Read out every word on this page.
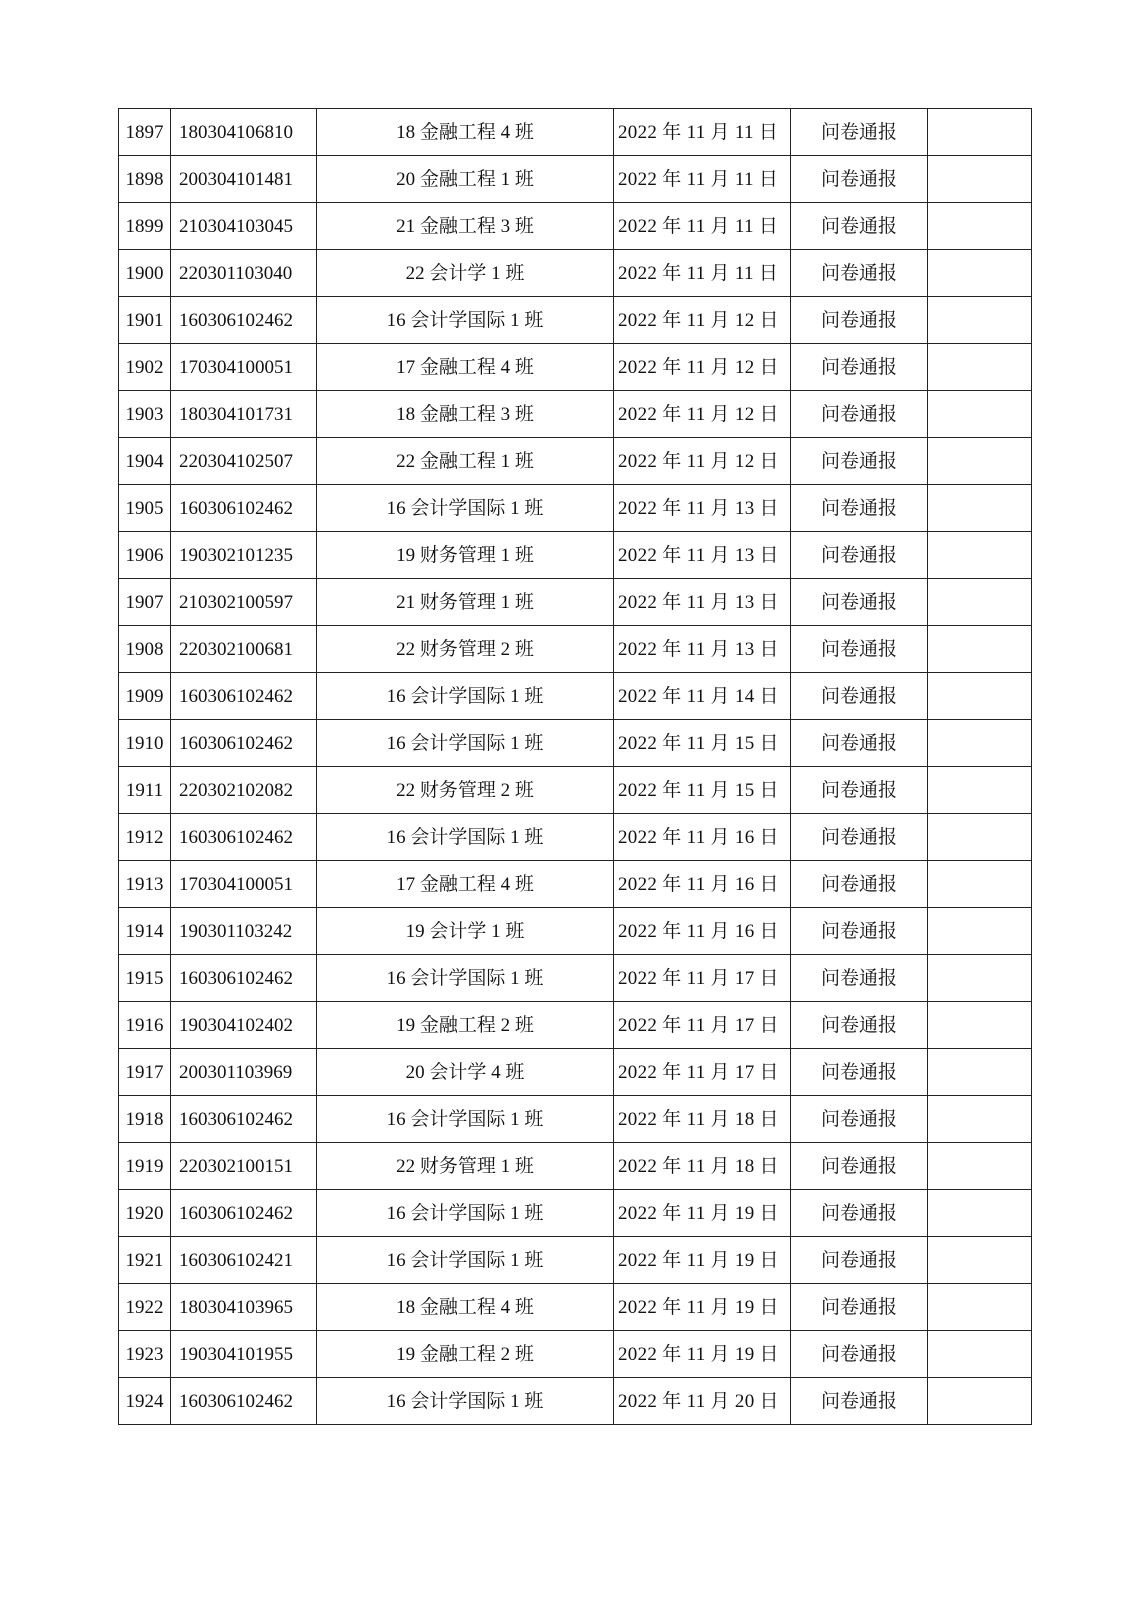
1897	180304106810	18 金融工程 4 班	2022 年 11 月 11 日	问卷通报	
1898	200304101481	20 金融工程 1 班	2022 年 11 月 11 日	问卷通报	
1899	210304103045	21 金融工程 3 班	2022 年 11 月 11 日	问卷通报	
1900	220301103040	22 会计学 1 班	2022 年 11 月 11 日	问卷通报	
1901	160306102462	16 会计学国际 1 班	2022 年 11 月 12 日	问卷通报	
1902	170304100051	17 金融工程 4 班	2022 年 11 月 12 日	问卷通报	
1903	180304101731	18 金融工程 3 班	2022 年 11 月 12 日	问卷通报	
1904	220304102507	22 金融工程 1 班	2022 年 11 月 12 日	问卷通报	
1905	160306102462	16 会计学国际 1 班	2022 年 11 月 13 日	问卷通报	
1906	190302101235	19 财务管理 1 班	2022 年 11 月 13 日	问卷通报	
1907	210302100597	21 财务管理 1 班	2022 年 11 月 13 日	问卷通报	
1908	220302100681	22 财务管理 2 班	2022 年 11 月 13 日	问卷通报	
1909	160306102462	16 会计学国际 1 班	2022 年 11 月 14 日	问卷通报	
1910	160306102462	16 会计学国际 1 班	2022 年 11 月 15 日	问卷通报	
1911	220302102082	22 财务管理 2 班	2022 年 11 月 15 日	问卷通报	
1912	160306102462	16 会计学国际 1 班	2022 年 11 月 16 日	问卷通报	
1913	170304100051	17 金融工程 4 班	2022 年 11 月 16 日	问卷通报	
1914	190301103242	19 会计学 1 班	2022 年 11 月 16 日	问卷通报	
1915	160306102462	16 会计学国际 1 班	2022 年 11 月 17 日	问卷通报	
1916	190304102402	19 金融工程 2 班	2022 年 11 月 17 日	问卷通报	
1917	200301103969	20 会计学 4 班	2022 年 11 月 17 日	问卷通报	
1918	160306102462	16 会计学国际 1 班	2022 年 11 月 18 日	问卷通报	
1919	220302100151	22 财务管理 1 班	2022 年 11 月 18 日	问卷通报	
1920	160306102462	16 会计学国际 1 班	2022 年 11 月 19 日	问卷通报	
1921	160306102421	16 会计学国际 1 班	2022 年 11 月 19 日	问卷通报	
1922	180304103965	18 金融工程 4 班	2022 年 11 月 19 日	问卷通报	
1923	190304101955	19 金融工程 2 班	2022 年 11 月 19 日	问卷通报	
1924	160306102462	16 会计学国际 1 班	2022 年 11 月 20 日	问卷通报	
